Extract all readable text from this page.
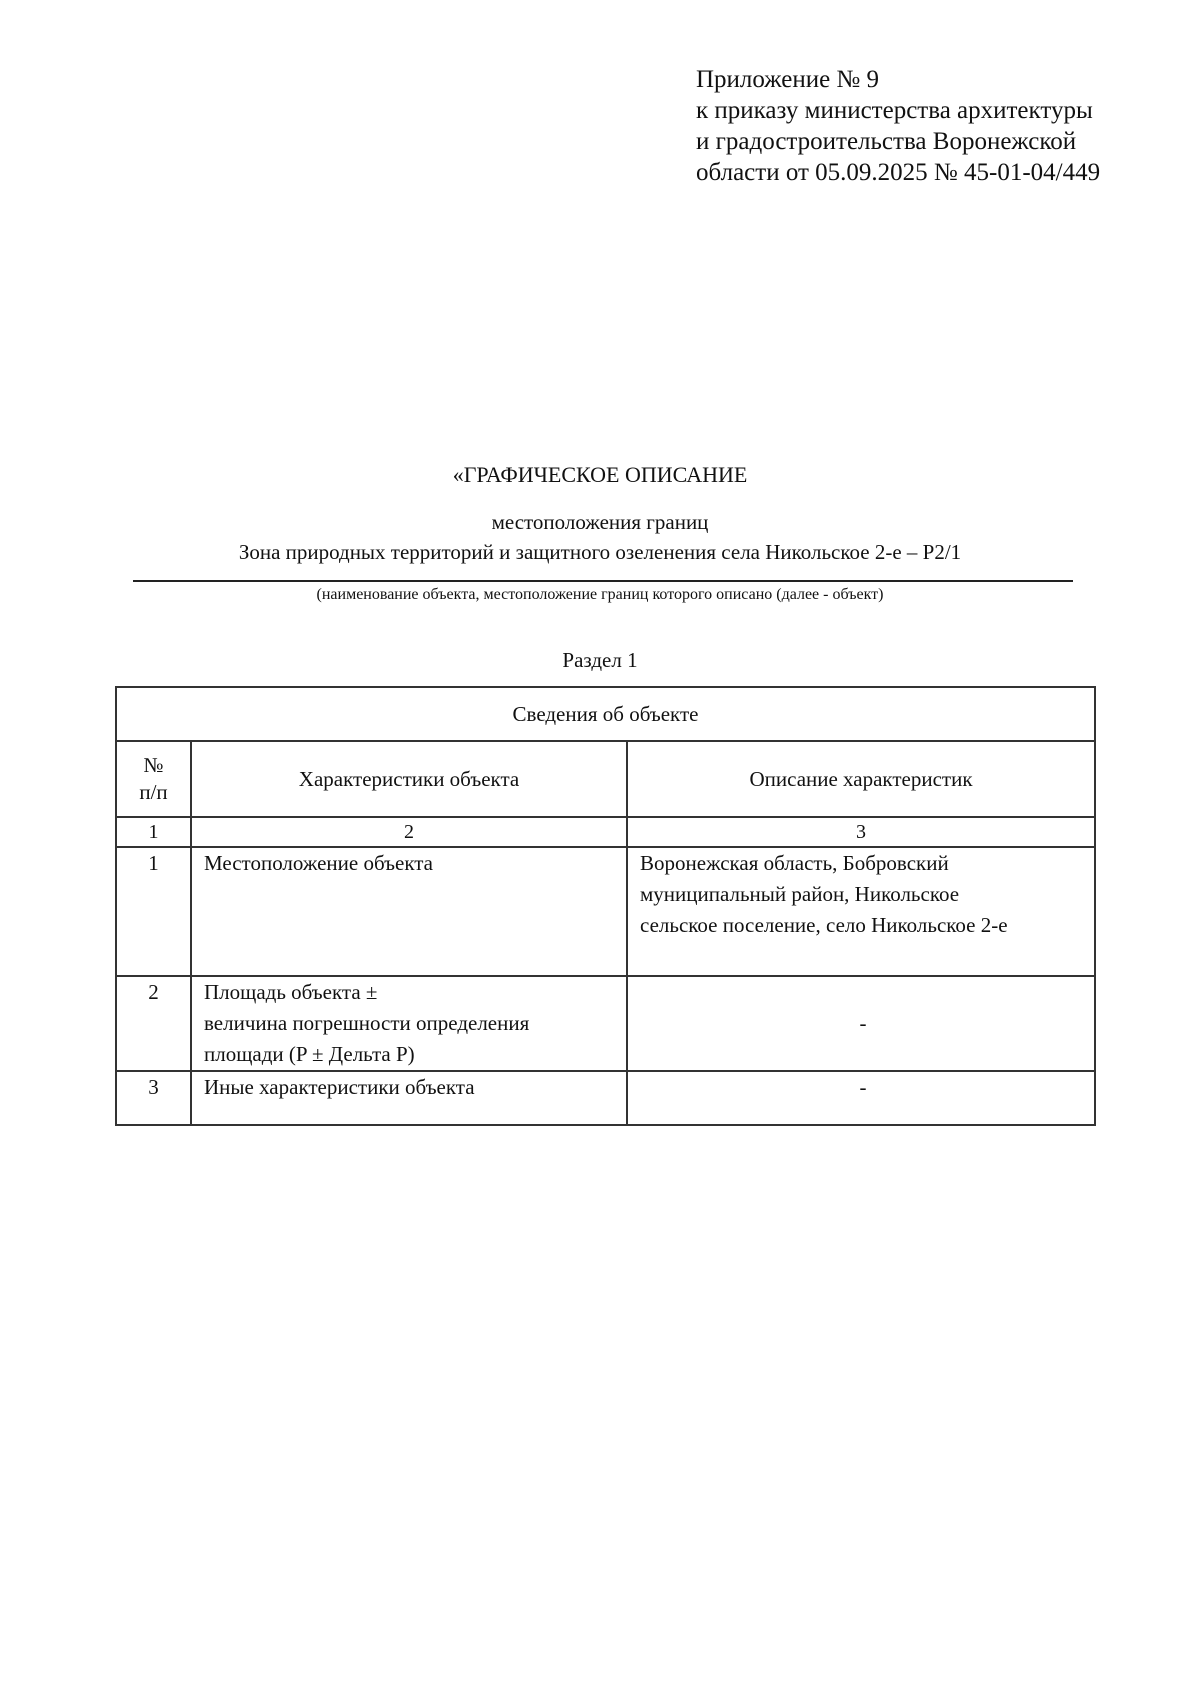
Приложение № 9
к приказу министерства архитектуры
и градостроительства Воронежской
области от 05.09.2025 № 45-01-04/449
«ГРАФИЧЕСКОЕ ОПИСАНИЕ
местоположения границ
Зона природных территорий и защитного озеленения села Никольское 2-е – Р2/1
(наименование объекта, местоположение границ которого описано (далее - объект)
Раздел 1
Сведения об объекте		

№
п/п	Характеристики объекта	Описание характеристик
1	2	3
1	Местоположение объекта	Воронежская область, Бобровский
муниципальный район, Никольское
сельское поселение, село Никольское 2-е

2	Площадь объекта ±
величина погрешности определения
площади (P ± Дельта P)	-
3	Иные характеристики объекта	-
